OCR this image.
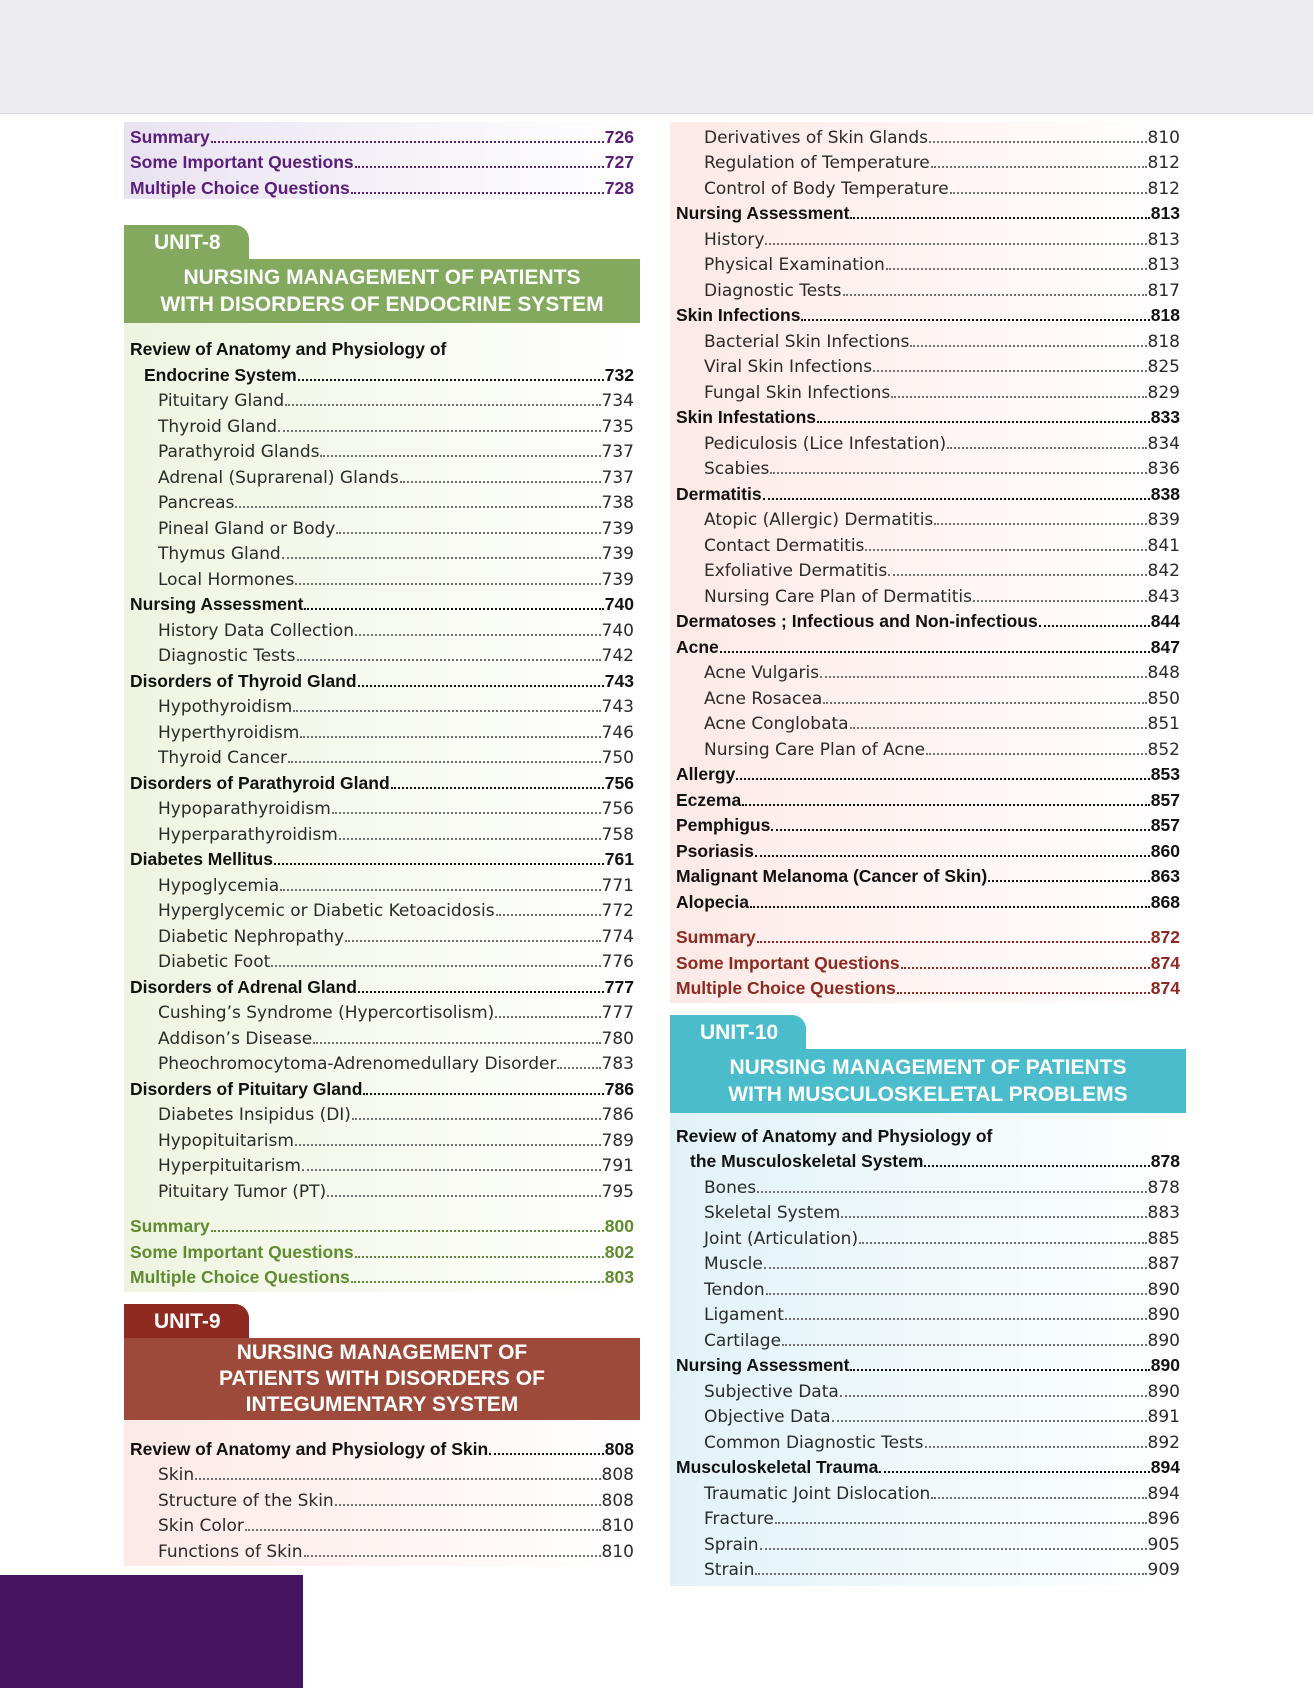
Summary	726
Some Important Questions	727
Multiple Choice Questions	728
UNIT-8
NURSING MANAGEMENT OF PATIENTS
WITH DISORDERS OF ENDOCRINE SYSTEM
Review of Anatomy and Physiology of
Endocrine System	732
Pituitary Gland	734
Thyroid Gland	735
Parathyroid Glands	737
Adrenal (Suprarenal) Glands	737
Pancreas	738
Pineal Gland or Body	739
Thymus Gland	739
Local Hormones	739
Nursing Assessment	740
History Data Collection	740
Diagnostic Tests	742
Disorders of Thyroid Gland	743
Hypothyroidism	743
Hyperthyroidism	746
Thyroid Cancer	750
Disorders of Parathyroid Gland	756
Hypoparathyroidism	756
Hyperparathyroidism	758
Diabetes Mellitus	761
Hypoglycemia	771
Hyperglycemic or Diabetic Ketoacidosis	772
Diabetic Nephropathy	774
Diabetic Foot	776
Disorders of Adrenal Gland	777
Cushing’s Syndrome (Hypercortisolism)	777
Addison’s Disease	780
Pheochromocytoma-Adrenomedullary Disorder	783
Disorders of Pituitary Gland	786
Diabetes Insipidus (DI)	786
Hypopituitarism	789
Hyperpituitarism	791
Pituitary Tumor (PT)	795
Summary	800
Some Important Questions	802
Multiple Choice Questions	803
UNIT-9
NURSING MANAGEMENT OF
PATIENTS WITH DISORDERS OF
INTEGUMENTARY SYSTEM
Review of Anatomy and Physiology of Skin	808
Skin	808
Structure of the Skin	808
Skin Color	810
Functions of Skin	810
Derivatives of Skin Glands	810
Regulation of Temperature	812
Control of Body Temperature	812
Nursing Assessment	813
History	813
Physical Examination	813
Diagnostic Tests	817
Skin Infections	818
Bacterial Skin Infections	818
Viral Skin Infections	825
Fungal Skin Infections	829
Skin Infestations	833
Pediculosis (Lice Infestation)	834
Scabies	836
Dermatitis	838
Atopic (Allergic) Dermatitis	839
Contact Dermatitis	841
Exfoliative Dermatitis	842
Nursing Care Plan of Dermatitis	843
Dermatoses ; Infectious and Non-infectious	844
Acne	847
Acne Vulgaris	848
Acne Rosacea	850
Acne Conglobata	851
Nursing Care Plan of Acne	852
Allergy	853
Eczema	857
Pemphigus	857
Psoriasis	860
Malignant Melanoma (Cancer of Skin)	863
Alopecia	868
Summary	872
Some Important Questions	874
Multiple Choice Questions	874
UNIT-10
NURSING MANAGEMENT OF PATIENTS
WITH MUSCULOSKELETAL PROBLEMS
Review of Anatomy and Physiology of
the Musculoskeletal System	878
Bones	878
Skeletal System	883
Joint (Articulation)	885
Muscle	887
Tendon	890
Ligament	890
Cartilage	890
Nursing Assessment	890
Subjective Data	890
Objective Data	891
Common Diagnostic Tests	892
Musculoskeletal Trauma	894
Traumatic Joint Dislocation	894
Fracture	896
Sprain	905
Strain	909
